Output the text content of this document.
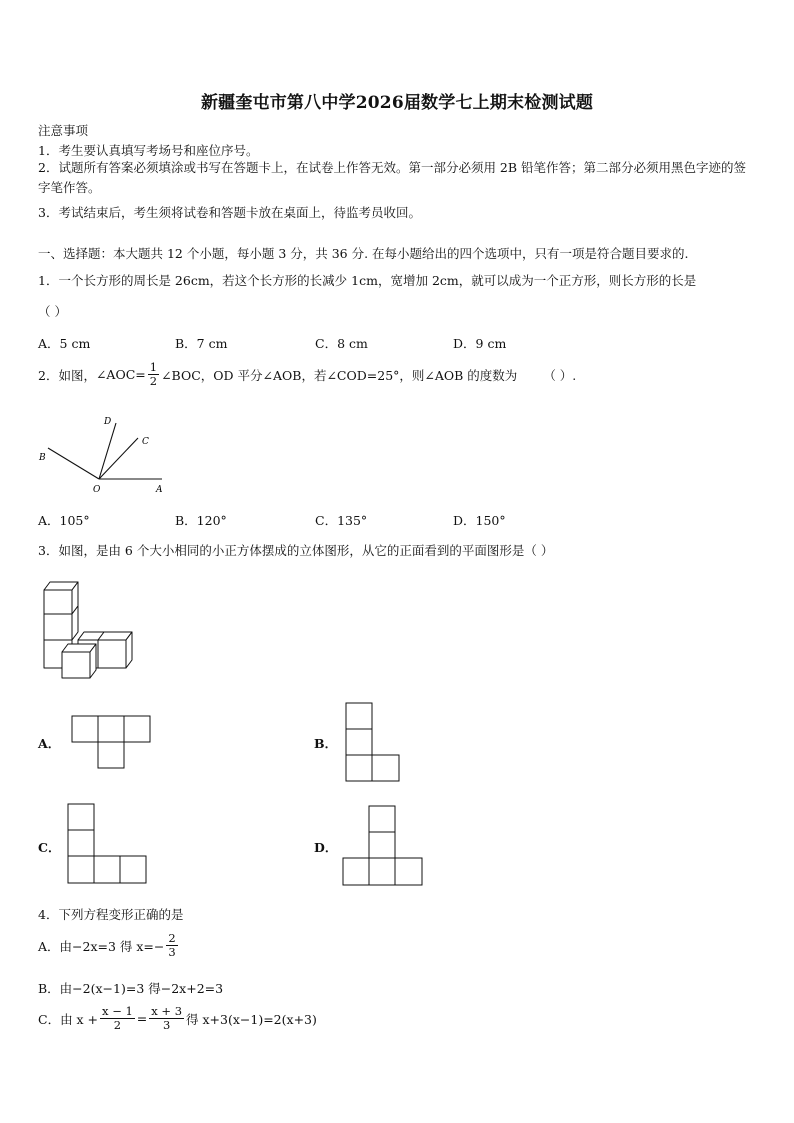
新疆奎屯市第八中学2026届数学七上期末检测试题
注意事项
1．考生要认真填写考场号和座位序号。
2．试题所有答案必须填涂或书写在答题卡上，在试卷上作答无效。第一部分必须用 2B 铅笔作答；第二部分必须用黑色字迹的签字笔作答。
3．考试结束后，考生须将试卷和答题卡放在桌面上，待监考员收回。
一、选择题：本大题共 12 个小题，每小题 3 分，共 36 分. 在每小题给出的四个选项中，只有一项是符合题目要求的.
1．一个长方形的周长是 26cm，若这个长方形的长减少 1cm，宽增加 2cm，就可以成为一个正方形，则长方形的长是
（ ）
A．5 cm	B．7 cm	C．8 cm	D．9 cm
2．如图， ∠AOC= $\frac{1}{2}$ ∠BOC，OD 平分∠AOB，若∠COD=25°，则∠AOB 的度数为 （ ）.
D
C
B
O	A
A．105°	B．120°	C．135°	D．150°
3．如图，是由 6 个大小相同的小正方体摆成的立体图形，从它的正面看到的平面图形是（ ）
A．	B．
C．	D．
4．下列方程变形正确的是
A．由−2x=3 得 $x=- \frac{2}{3}$
B．由−2(x−1)=3 得−2x+2=3
C．由 $x + \frac{x - 1}{2} = \frac{x + 3}{3}$ 得 x+3(x−1)=2(x+3)
